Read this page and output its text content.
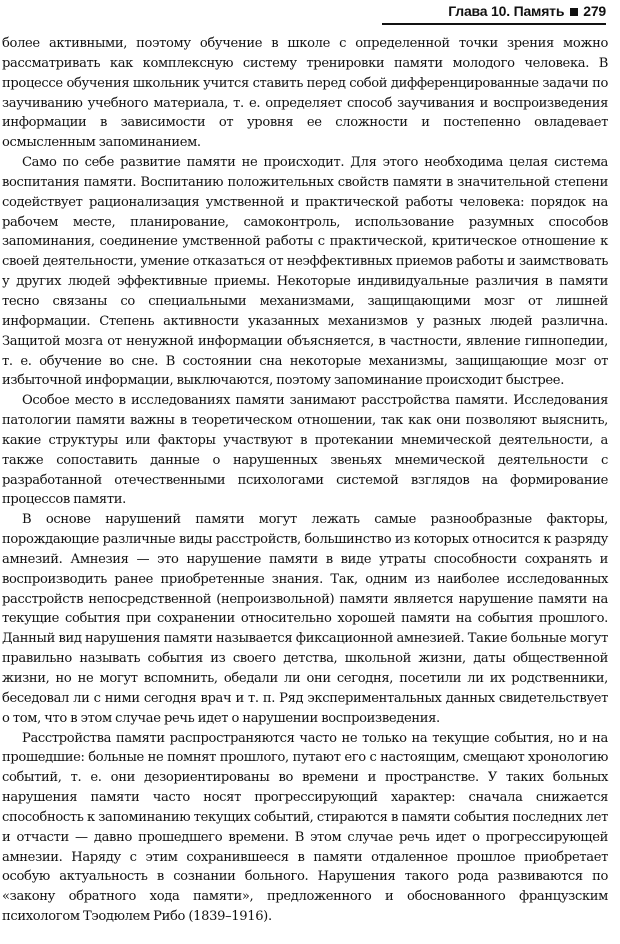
Глава 10. Память 279

более активными, поэтому обучение в школе с определенной точки зрения можно рассматривать как комплексную систему тренировки памяти молодого человека. В процессе обучения школьник учится ставить перед собой дифференцированные задачи по заучиванию учебного материала, т. е. определяет способ заучивания и воспроизведения информации в зависимости от уровня ее сложности и постепенно овладевает осмысленным запоминанием.

Само по себе развитие памяти не происходит. Для этого необходима целая система воспитания памяти. Воспитанию положительных свойств памяти в значительной степени содействует рационализация умственной и практической работы человека: порядок на рабочем месте, планирование, самоконтроль, использование разумных способов запоминания, соединение умственной работы с практической, критическое отношение к своей деятельности, умение отказаться от неэффективных приемов работы и заимствовать у других людей эффективные приемы. Некоторые индивидуальные различия в памяти тесно связаны со специальными механизмами, защищающими мозг от лишней информации. Степень активности указанных механизмов у разных людей различна. Защитой мозга от ненужной информации объясняется, в частности, явление гипнопедии, т. е. обучение во сне. В состоянии сна некоторые механизмы, защищающие мозг от избыточной информации, выключаются, поэтому запоминание происходит быстрее.

Особое место в исследованиях памяти занимают расстройства памяти. Исследования патологии памяти важны в теоретическом отношении, так как они позволяют выяснить, какие структуры или факторы участвуют в протекании мнемической деятельности, а также сопоставить данные о нарушенных звеньях мнемической деятельности с разработанной отечественными психологами системой взглядов на формирование процессов памяти.

В основе нарушений памяти могут лежать самые разнообразные факторы, порождающие различные виды расстройств, большинство из которых относится к разряду амнезий. Амнезия — это нарушение памяти в виде утраты способности сохранять и воспроизводить ранее приобретенные знания. Так, одним из наиболее исследованных расстройств непосредственной (непроизвольной) памяти является нарушение памяти на текущие события при сохранении относительно хорошей памяти на события прошлого. Данный вид нарушения памяти называется фиксационной амнезией. Такие больные могут правильно называть события из своего детства, школьной жизни, даты общественной жизни, но не могут вспомнить, обедали ли они сегодня, посетили ли их родственники, беседовал ли с ними сегодня врач и т. п. Ряд экспериментальных данных свидетельствует о том, что в этом случае речь идет о нарушении воспроизведения.

Расстройства памяти распространяются часто не только на текущие события, но и на прошедшие: больные не помнят прошлого, путают его с настоящим, смещают хронологию событий, т. е. они дезориентированы во времени и пространстве. У таких больных нарушения памяти часто носят прогрессирующий характер: сначала снижается способность к запоминанию текущих событий, стираются в памяти события последних лет и отчасти — давно прошедшего времени. В этом случае речь идет о прогрессирующей амнезии. Наряду с этим сохранившееся в памяти отдаленное прошлое приобретает особую актуальность в сознании больного. Нарушения такого рода развиваются по «закону обратного хода памяти», предложенного и обоснованного французским психологом Тэодюлем Рибо (1839–1916).
